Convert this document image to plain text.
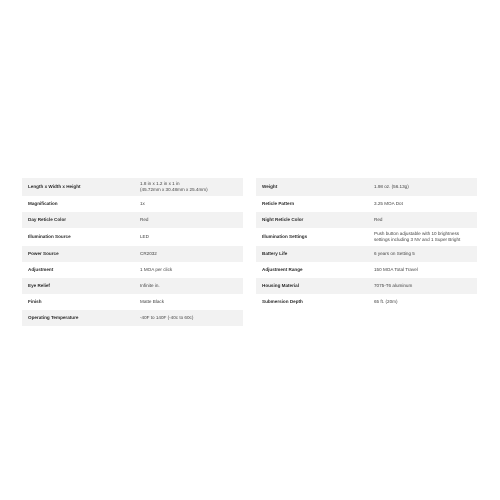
Length x Width x Height	1.8 in x 1.2 in x 1 in
(45.72mm x 30.48mm x 25.4mm)

Magnification	1x

Day Reticle Color	Red

Illumination Source	LED

Power Source	CR2032

Adjustment	1 MOA per click

Eye Relief	Infinite in.

Finish	Matte Black

Operating Temperature	-40F to 140F (-40c to 60c)
Weight	1.98 oz. (56.13g)

Reticle Pattern	3.25 MOA Dot

Night Reticle Color	Red

Illumination Settings	Push button adjustable with 10 brightness
settings including 3 NV and 1 Super Bright

Battery Life	6 years on Setting 5

Adjustment Range	150 MOA Total Travel

Housing Material	7075-T6 aluminum

Submersion Depth	65 ft. (20m)
